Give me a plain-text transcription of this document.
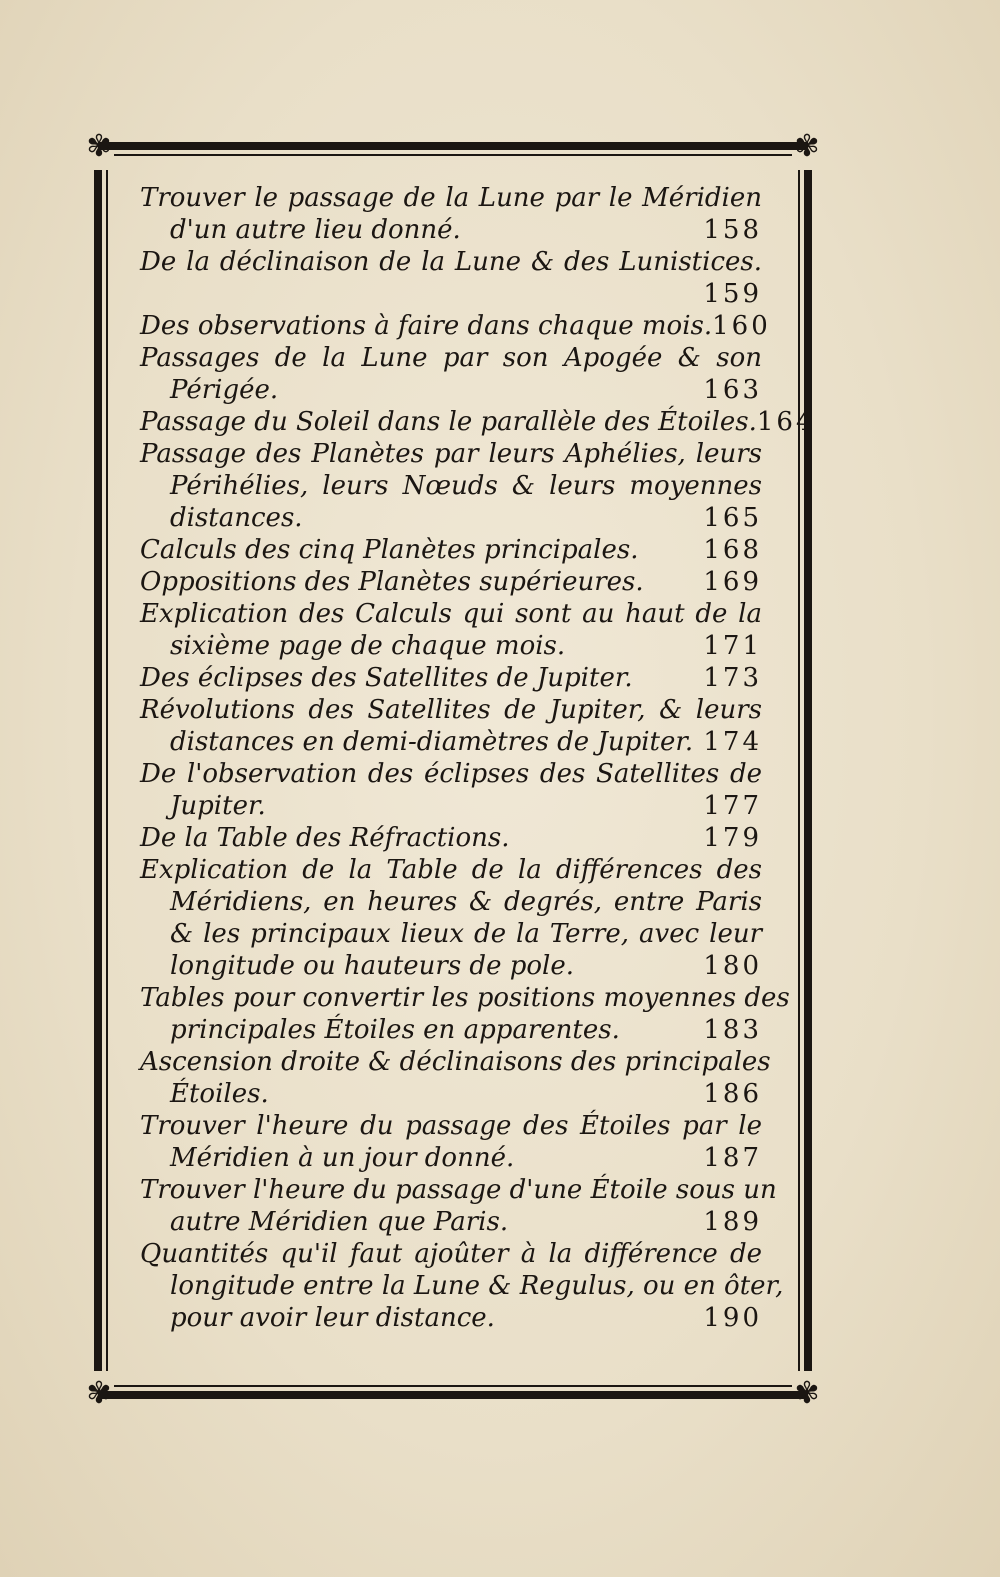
✾	✾
✾	✾
Trouver le passage de la Lune par le Méridien
d'un autre lieu donné.	158
De la déclinaison de la Lune & des Lunistices.
159
Des observations à faire dans chaque mois. 160
Passages de la Lune par son Apogée & son
Périgée.	163
Passage du Soleil dans le parallèle des Étoiles. 164
Passage des Planètes par leurs Aphélies, leurs
Périhélies, leurs Nœuds & leurs moyennes
distances.	165
Calculs des cinq Planètes principales. 168
Oppositions des Planètes supérieures. 169
Explication des Calculs qui sont au haut de la
sixième page de chaque mois.	171
Des éclipses des Satellites de Jupiter.	173
Révolutions des Satellites de Jupiter, & leurs
distances en demi-diamètres de Jupiter. 174
De l'observation des éclipses des Satellites de
Jupiter.	177
De la Table des Réfractions.	179
Explication de la Table de la différences des
Méridiens, en heures & degrés, entre Paris
& les principaux lieux de la Terre, avec leur
longitude ou hauteurs de pole.	180
Tables pour convertir les positions moyennes des
principales Étoiles en apparentes.	183
Ascension droite & déclinaisons des principales
Étoiles.	186
Trouver l'heure du passage des Étoiles par le
Méridien à un jour donné.	187
Trouver l'heure du passage d'une Étoile sous un
autre Méridien que Paris.	189
Quantités qu'il faut ajoûter à la différence de
longitude entre la Lune & Regulus, ou en ôter,
pour avoir leur distance.	190
